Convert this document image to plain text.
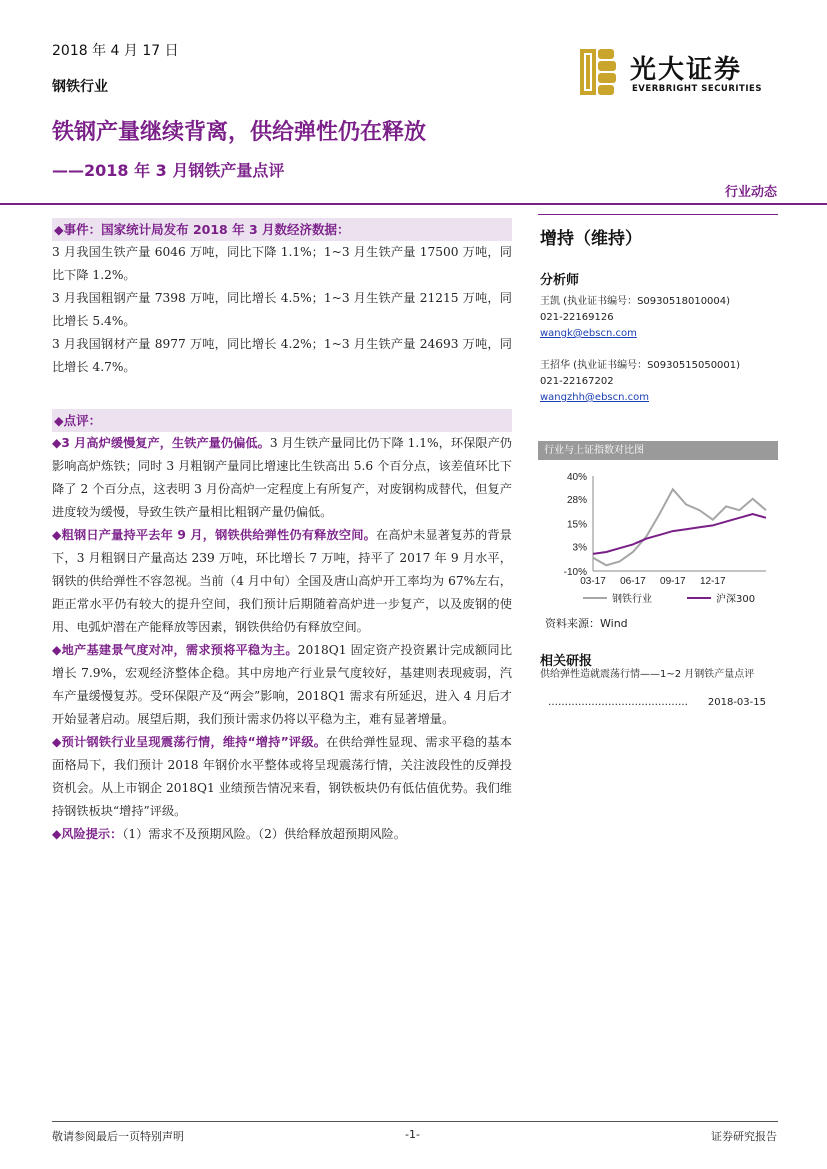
2018 年 4 月 17 日
钢铁行业
铁钢产量继续背离，供给弹性仍在释放
——2018 年 3 月钢铁产量点评
行业动态
光大证券
EVERBRIGHT SECURITIES
◆事件：国家统计局发布 2018 年 3 月数经济数据：

3 月我国生铁产量 6046 万吨，同比下降 1.1%；1~3 月生铁产量 17500 万吨，同比下降 1.2%。

3 月我国粗钢产量 7398 万吨，同比增长 4.5%；1~3 月生铁产量 21215 万吨，同比增长 5.4%。

3 月我国钢材产量 8977 万吨，同比增长 4.2%；1~3 月生铁产量 24693 万吨，同比增长 4.7%。

◆点评：

◆3 月高炉缓慢复产，生铁产量仍偏低。3 月生铁产量同比仍下降 1.1%，环保限产仍影响高炉炼铁；同时 3 月粗钢产量同比增速比生铁高出 5.6 个百分点，该差值环比下降了 2 个百分点，这表明 3 月份高炉一定程度上有所复产，对废钢构成替代，但复产进度较为缓慢，导致生铁产量相比粗钢产量仍偏低。

◆粗钢日产量持平去年 9 月，钢铁供给弹性仍有释放空间。在高炉未显著复苏的背景下，3 月粗钢日产量高达 239 万吨，环比增长 7 万吨，持平了 2017 年 9 月水平，钢铁的供给弹性不容忽视。当前（4 月中旬）全国及唐山高炉开工率均为 67%左右，距正常水平仍有较大的提升空间，我们预计后期随着高炉进一步复产，以及废钢的使用、电弧炉潜在产能释放等因素，钢铁供给仍有释放空间。

◆地产基建景气度对冲，需求预将平稳为主。2018Q1 固定资产投资累计完成额同比增长 7.9%，宏观经济整体企稳。其中房地产行业景气度较好，基建则表现疲弱，汽车产量缓慢复苏。受环保限产及“两会”影响，2018Q1 需求有所延迟，进入 4 月后才开始显著启动。展望后期，我们预计需求仍将以平稳为主，难有显著增量。

◆预计钢铁行业呈现震荡行情，维持“增持”评级。在供给弹性显现、需求平稳的基本面格局下，我们预计 2018 年钢价水平整体或将呈现震荡行情，关注波段性的反弹投资机会。从上市钢企 2018Q1 业绩预告情况来看，钢铁板块仍有低估值优势。我们维持钢铁板块“增持”评级。

◆风险提示：（1）需求不及预期风险。（2）供给释放超预期风险。

增持（维持）
分析师
王凯 (执业证书编号：S0930518010004)
021-22169126
wangk@ebscn.com
王招华 (执业证书编号：S0930515050001)
021-22167202
wangzhh@ebscn.com
行业与上证指数对比图
40%
28%
15%
3%
-10%
03-17 06-17 09-17 12-17
钢铁行业	沪深300
资料来源：Wind
相关研报
供给弹性造就震荡行情——1~2 月钢铁产量点评
…………………………………… 2018-03-15
敬请参阅最后一页特别声明	-1-	证券研究报告
